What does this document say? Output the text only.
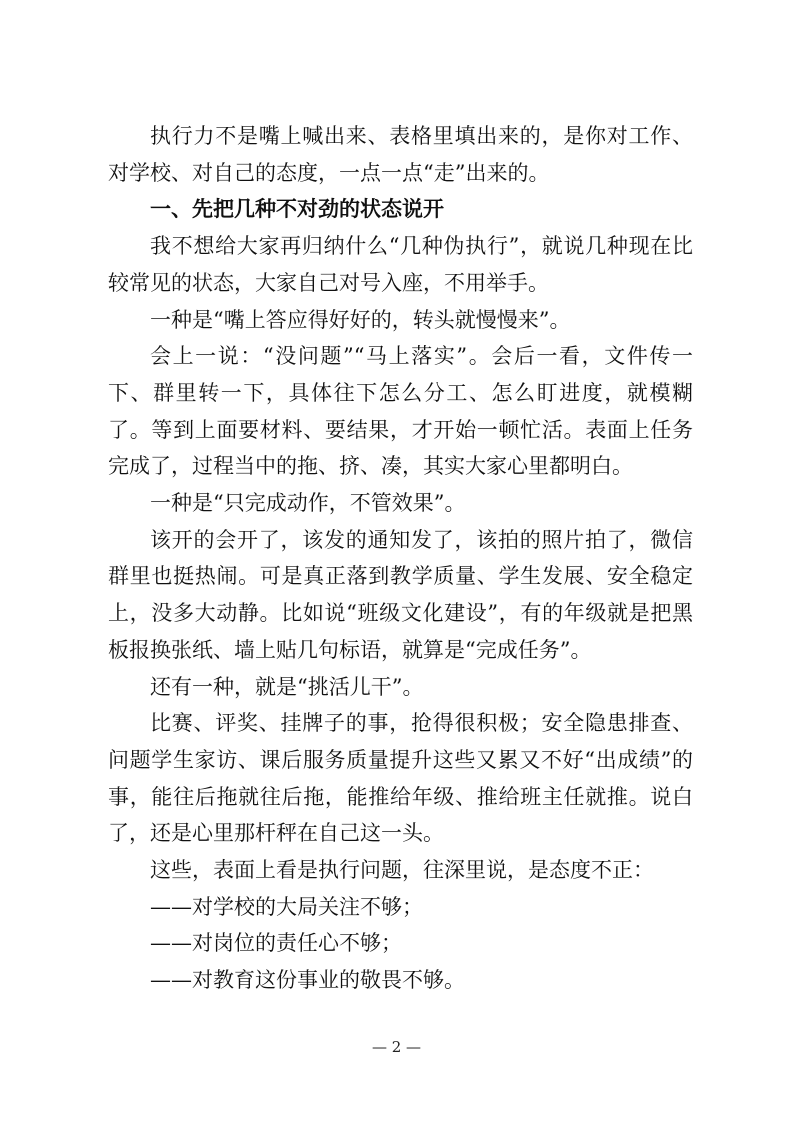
执行力不是嘴上喊出来、表格里填出来的，是你对工作、对学校、对自己的态度，一点一点“走”出来的。

一、先把几种不对劲的状态说开

我不想给大家再归纳什么“几种伪执行”，就说几种现在比较常见的状态，大家自己对号入座，不用举手。

一种是“嘴上答应得好好的，转头就慢慢来”。

会上一说：“没问题”“马上落实”。会后一看，文件传一下、群里转一下，具体往下怎么分工、怎么盯进度，就模糊了。等到上面要材料、要结果，才开始一顿忙活。表面上任务完成了，过程当中的拖、挤、凑，其实大家心里都明白。

一种是“只完成动作，不管效果”。

该开的会开了，该发的通知发了，该拍的照片拍了，微信群里也挺热闹。可是真正落到教学质量、学生发展、安全稳定上，没多大动静。比如说“班级文化建设”，有的年级就是把黑板报换张纸、墙上贴几句标语，就算是“完成任务”。

还有一种，就是“挑活儿干”。

比赛、评奖、挂牌子的事，抢得很积极；安全隐患排查、问题学生家访、课后服务质量提升这些又累又不好“出成绩”的事，能往后拖就往后拖，能推给年级、推给班主任就推。说白了，还是心里那杆秤在自己这一头。

这些，表面上看是执行问题，往深里说，是态度不正：

——对学校的大局关注不够；

——对岗位的责任心不够；

——对教育这份事业的敬畏不够。

— 2 —
